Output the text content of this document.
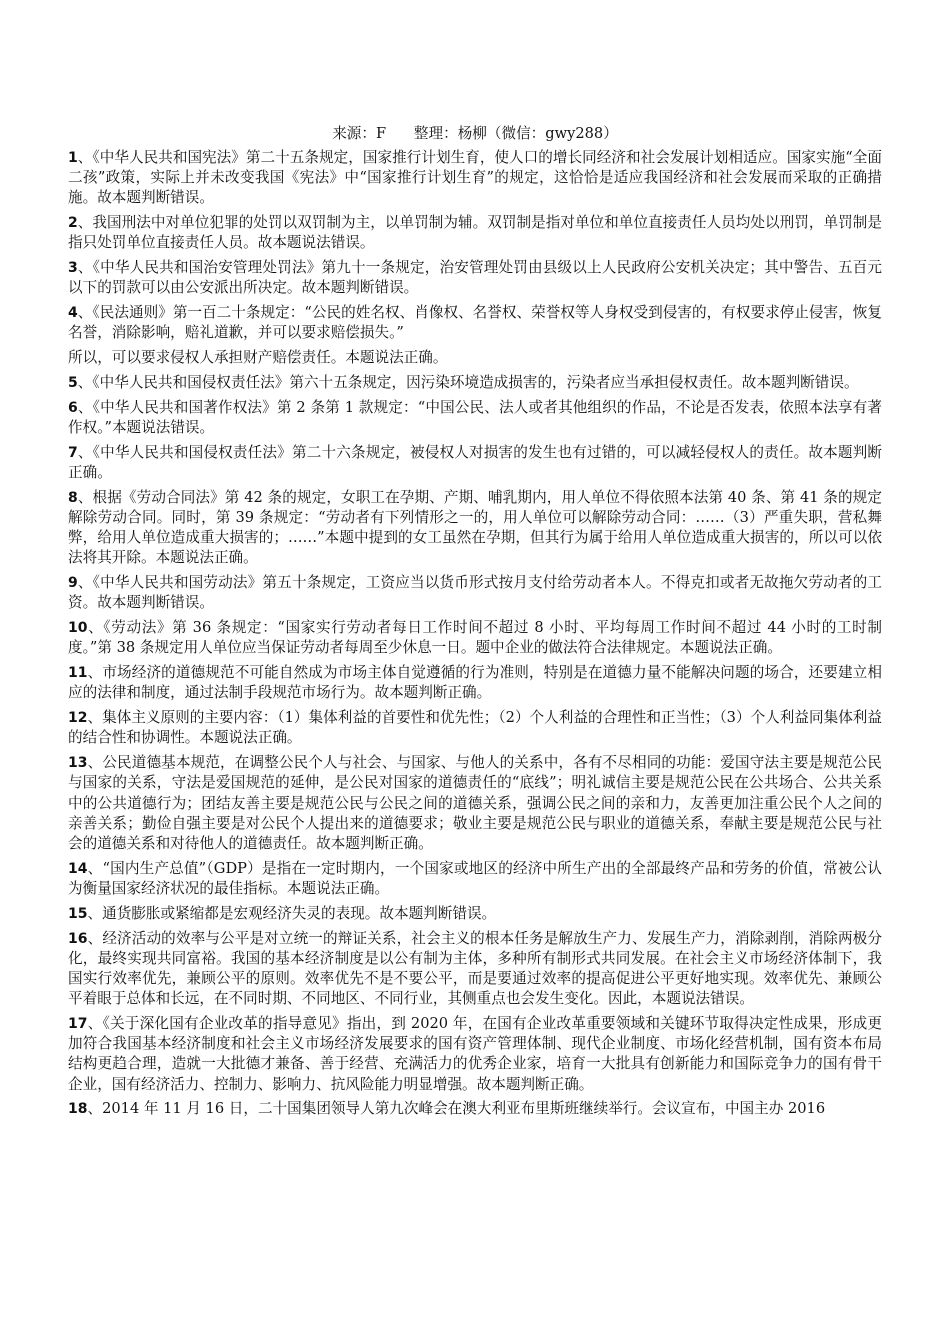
来源：F      整理：杨柳（微信：gwy288）

1、《中华人民共和国宪法》第二十五条规定，国家推行计划生育，使人口的增长同经济和社会发展计划相适应。国家实施“全面二孩”政策，实际上并未改变我国《宪法》中“国家推行计划生育”的规定，这恰恰是适应我国经济和社会发展而采取的正确措施。故本题判断错误。

2、我国刑法中对单位犯罪的处罚以双罚制为主，以单罚制为辅。双罚制是指对单位和单位直接责任人员均处以刑罚，单罚制是指只处罚单位直接责任人员。故本题说法错误。

3、《中华人民共和国治安管理处罚法》第九十一条规定，治安管理处罚由县级以上人民政府公安机关决定；其中警告、五百元以下的罚款可以由公安派出所决定。故本题判断错误。

4、《民法通则》第一百二十条规定：“公民的姓名权、肖像权、名誉权、荣誉权等人身权受到侵害的，有权要求停止侵害，恢复名誉，消除影响，赔礼道歉，并可以要求赔偿损失。”

所以，可以要求侵权人承担财产赔偿责任。本题说法正确。

5、《中华人民共和国侵权责任法》第六十五条规定，因污染环境造成损害的，污染者应当承担侵权责任。故本题判断错误。

6、《中华人民共和国著作权法》第 2 条第 1 款规定：“中国公民、法人或者其他组织的作品，不论是否发表，依照本法享有著作权。”本题说法错误。

7、《中华人民共和国侵权责任法》第二十六条规定，被侵权人对损害的发生也有过错的，可以减轻侵权人的责任。故本题判断正确。

8、根据《劳动合同法》第 42 条的规定，女职工在孕期、产期、哺乳期内，用人单位不得依照本法第 40 条、第 41 条的规定解除劳动合同。同时，第 39 条规定：“劳动者有下列情形之一的，用人单位可以解除劳动合同：……（3）严重失职，营私舞弊，给用人单位造成重大损害的；……”本题中提到的女工虽然在孕期，但其行为属于给用人单位造成重大损害的，所以可以依法将其开除。本题说法正确。

9、《中华人民共和国劳动法》第五十条规定，工资应当以货币形式按月支付给劳动者本人。不得克扣或者无故拖欠劳动者的工资。故本题判断错误。

10、《劳动法》第 36 条规定：“国家实行劳动者每日工作时间不超过 8 小时、平均每周工作时间不超过 44 小时的工时制度。”第 38 条规定用人单位应当保证劳动者每周至少休息一日。题中企业的做法符合法律规定。本题说法正确。

11、市场经济的道德规范不可能自然成为市场主体自觉遵循的行为准则，特别是在道德力量不能解决问题的场合，还要建立相应的法律和制度，通过法制手段规范市场行为。故本题判断正确。

12、集体主义原则的主要内容：（1）集体利益的首要性和优先性；（2）个人利益的合理性和正当性；（3）个人利益同集体利益的结合性和协调性。本题说法正确。

13、公民道德基本规范，在调整公民个人与社会、与国家、与他人的关系中，各有不尽相同的功能：爱国守法主要是规范公民与国家的关系，守法是爱国规范的延伸，是公民对国家的道德责任的“底线”；明礼诚信主要是规范公民在公共场合、公共关系中的公共道德行为；团结友善主要是规范公民与公民之间的道德关系，强调公民之间的亲和力，友善更加注重公民个人之间的亲善关系；勤俭自强主要是对公民个人提出来的道德要求；敬业主要是规范公民与职业的道德关系，奉献主要是规范公民与社会的道德关系和对待他人的道德责任。故本题判断正确。

14、“国内生产总值”（GDP）是指在一定时期内，一个国家或地区的经济中所生产出的全部最终产品和劳务的价值，常被公认为衡量国家经济状况的最佳指标。本题说法正确。

15、通货膨胀或紧缩都是宏观经济失灵的表现。故本题判断错误。

16、经济活动的效率与公平是对立统一的辩证关系，社会主义的根本任务是解放生产力、发展生产力，消除剥削，消除两极分化，最终实现共同富裕。我国的基本经济制度是以公有制为主体，多种所有制形式共同发展。在社会主义市场经济体制下，我国实行效率优先，兼顾公平的原则。效率优先不是不要公平，而是要通过效率的提高促进公平更好地实现。效率优先、兼顾公平着眼于总体和长远，在不同时期、不同地区、不同行业，其侧重点也会发生变化。因此，本题说法错误。

17、《关于深化国有企业改革的指导意见》指出，到 2020 年，在国有企业改革重要领域和关键环节取得决定性成果，形成更加符合我国基本经济制度和社会主义市场经济发展要求的国有资产管理体制、现代企业制度、市场化经营机制，国有资本布局结构更趋合理，造就一大批德才兼备、善于经营、充满活力的优秀企业家，培育一大批具有创新能力和国际竞争力的国有骨干企业，国有经济活力、控制力、影响力、抗风险能力明显增强。故本题判断正确。

18、2014 年 11 月 16 日，二十国集团领导人第九次峰会在澳大利亚布里斯班继续举行。会议宣布，中国主办 2016
